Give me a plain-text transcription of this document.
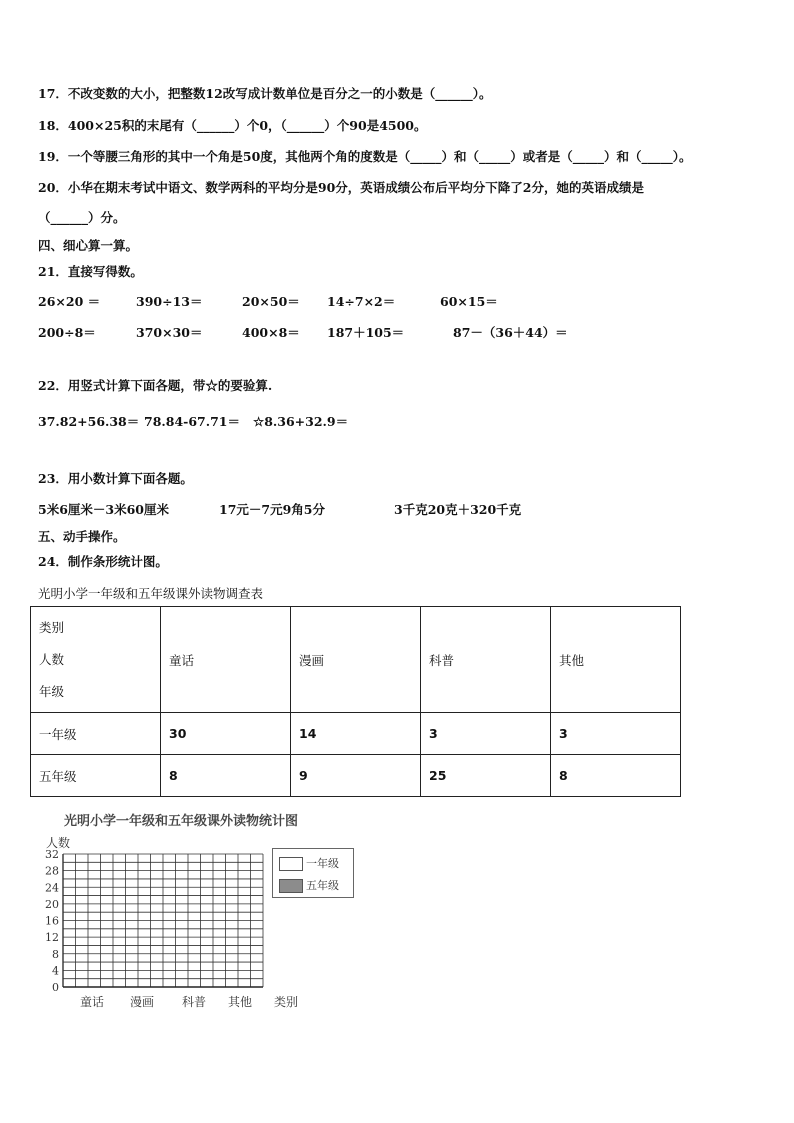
17．不改变数的大小，把整数12改写成计数单位是百分之一的小数是（______）。
18．400×25积的末尾有（______）个0，（______）个90是4500。
19．一个等腰三角形的其中一个角是50度，其他两个角的度数是（_____）和（_____）或者是（_____）和（_____）。
20．小华在期末考试中语文、数学两科的平均分是90分，英语成绩公布后平均分下降了2分，她的英语成绩是
（______）分。
四、细心算一算。
21．直接写得数。
26×20 ＝	390÷13＝	20×50＝ 14÷7×2＝	60×15＝
200÷8＝	370×30＝	400×8＝ 187＋105＝	87－（36＋44）＝
22．用竖式计算下面各题，带☆的要验算.
37.82+56.38＝ 78.84-67.71＝ ☆8.36+32.9＝
23．用小数计算下面各题。
5米6厘米－3米60厘米	17元－7元9角5分	3千克20克＋320千克
五、动手操作。
24．制作条形统计图。
光明小学一年级和五年级课外读物调查表
类别
人数
年级	童话	漫画	科普	其他
一年级	30	14	3	3
五年级	8	9	25	8
光明小学一年级和五年级课外读物统计图
人数
0
4
8
12
16
20
24
28
32
一年级
五年级
童话 漫画 科普 其他 类别
